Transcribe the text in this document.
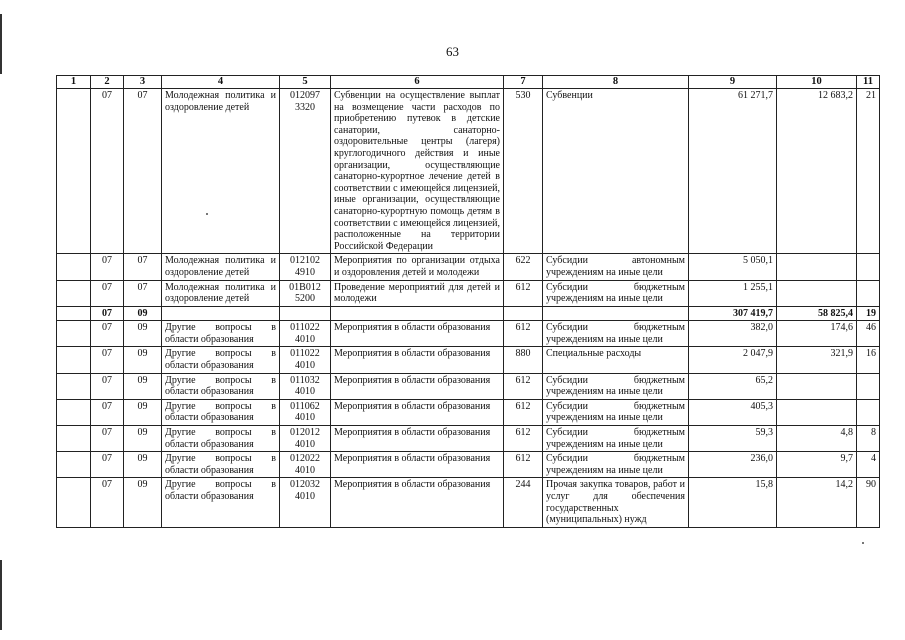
63
1	2	3	4	5	6	7	8	9	10	11
	07	07	Молодежная политика и оздоровление детей	012097 3320	Субвенции на осуществление выплат на возмещение части расходов по приобретению путевок в детские санатории, санаторно-оздоровительные центры (лагеря) круглогодичного действия и иные организации, осуществляющие санаторно-курортное лечение детей в соответствии с имеющейся лицензией, иные организации, осуществляющие санаторно-курортную помощь детям в соответствии с имеющейся лицензией, расположенные на территории Российской Федерации	530	Субвенции	61 271,7	12 683,2	21
	07	07	Молодежная политика и оздоровление детей	012102 4910	Мероприятия по организации отдыха и оздоровления детей и молодежи	622	Субсидии автономным учреждениям на иные цели	5 050,1		
	07	07	Молодежная политика и оздоровление детей	01В012 5200	Проведение мероприятий для детей и молодежи	612	Субсидии бюджетным учреждениям на иные цели	1 255,1		
	07	09						307 419,7	58 825,4	19
	07	09	Другие вопросы в области образования	011022 4010	Мероприятия в области образования	612	Субсидии бюджетным учреждениям на иные цели	382,0	174,6	46
	07	09	Другие вопросы в области образования	011022 4010	Мероприятия в области образования	880	Специальные расходы	2 047,9	321,9	16
	07	09	Другие вопросы в области образования	011032 4010	Мероприятия в области образования	612	Субсидии бюджетным учреждениям на иные цели	65,2		
	07	09	Другие вопросы в области образования	011062 4010	Мероприятия в области образования	612	Субсидии бюджетным учреждениям на иные цели	405,3		
	07	09	Другие вопросы в области образования	012012 4010	Мероприятия в области образования	612	Субсидии бюджетным учреждениям на иные цели	59,3	4,8	8
	07	09	Другие вопросы в области образования	012022 4010	Мероприятия в области образования	612	Субсидии бюджетным учреждениям на иные цели	236,0	9,7	4
	07	09	Другие вопросы в области образования	012032 4010	Мероприятия в области образования	244	Прочая закупка товаров, работ и услуг для обеспечения государственных (муниципальных) нужд	15,8	14,2	90
